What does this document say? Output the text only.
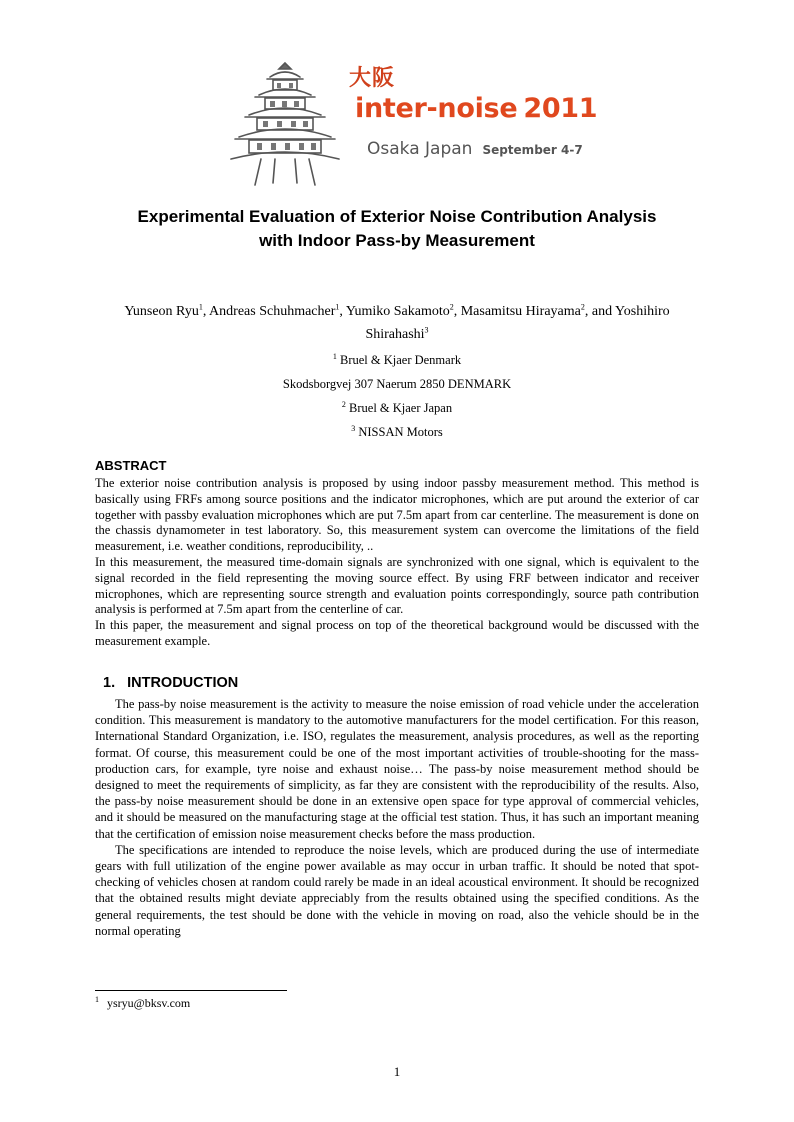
大阪
inter-noise 2011
Osaka Japan September 4-7
Experimental Evaluation of Exterior Noise Contribution Analysis
with Indoor Pass-by Measurement
Yunseon Ryu$^1$, Andreas Schuhmacher$^1$, Yumiko Sakamoto$^2$, Masamitsu Hirayama$^2$, and Yoshihiro
Shirahashi$^3$
$^1$ Bruel & Kjaer Denmark
Skodsborgvej 307 Naerum 2850 DENMARK
$^2$ Bruel & Kjaer Japan
$^3$ NISSAN Motors
ABSTRACT

The exterior noise contribution analysis is proposed by using indoor passby measurement method. This method is basically using FRFs among source positions and the indicator microphones, which are put around the exterior of car together with passby evaluation microphones which are put 7.5m apart from car centerline. The measurement is done on the chassis dynamometer in test laboratory. So, this measurement system can overcome the limitations of the field measurement, i.e. weather conditions, reproducibility, ..

In this measurement, the measured time-domain signals are synchronized with one signal, which is equivalent to the signal recorded in the field representing the moving source effect. By using FRF between indicator and receiver microphones, which are representing source strength and evaluation points correspondingly, source path contribution analysis is performed at 7.5m apart from the centerline of car.

In this paper, the measurement and signal process on top of the theoretical background would be discussed with the measurement example.

1. INTRODUCTION

The pass-by noise measurement is the activity to measure the noise emission of road vehicle under the acceleration condition. This measurement is mandatory to the automotive manufacturers for the model certification. For this reason, International Standard Organization, i.e. ISO, regulates the measurement, analysis procedures, as well as the reporting format. Of course, this measurement could be one of the most important activities of trouble-shooting for the mass-production cars, for example, tyre noise and exhaust noise… The pass-by noise measurement method should be designed to meet the requirements of simplicity, as far they are consistent with the reproducibility of the results. Also, the pass-by noise measurement should be done in an extensive open space for type approval of commercial vehicles, and it should be measured on the manufacturing stage at the official test station. Thus, it has such an important meaning that the certification of emission noise measurement checks before the mass production.

The specifications are intended to reproduce the noise levels, which are produced during the use of intermediate gears with full utilization of the engine power available as may occur in urban traffic. It should be noted that spot-checking of vehicles chosen at random could rarely be made in an ideal acoustical environment. It should be recognized that the obtained results might deviate appreciably from the results obtained using the specified conditions. As the general requirements, the test should be done with the vehicle in moving on road, also the vehicle should be in the normal operating

$^1$ ysryu@bksv.com
1
